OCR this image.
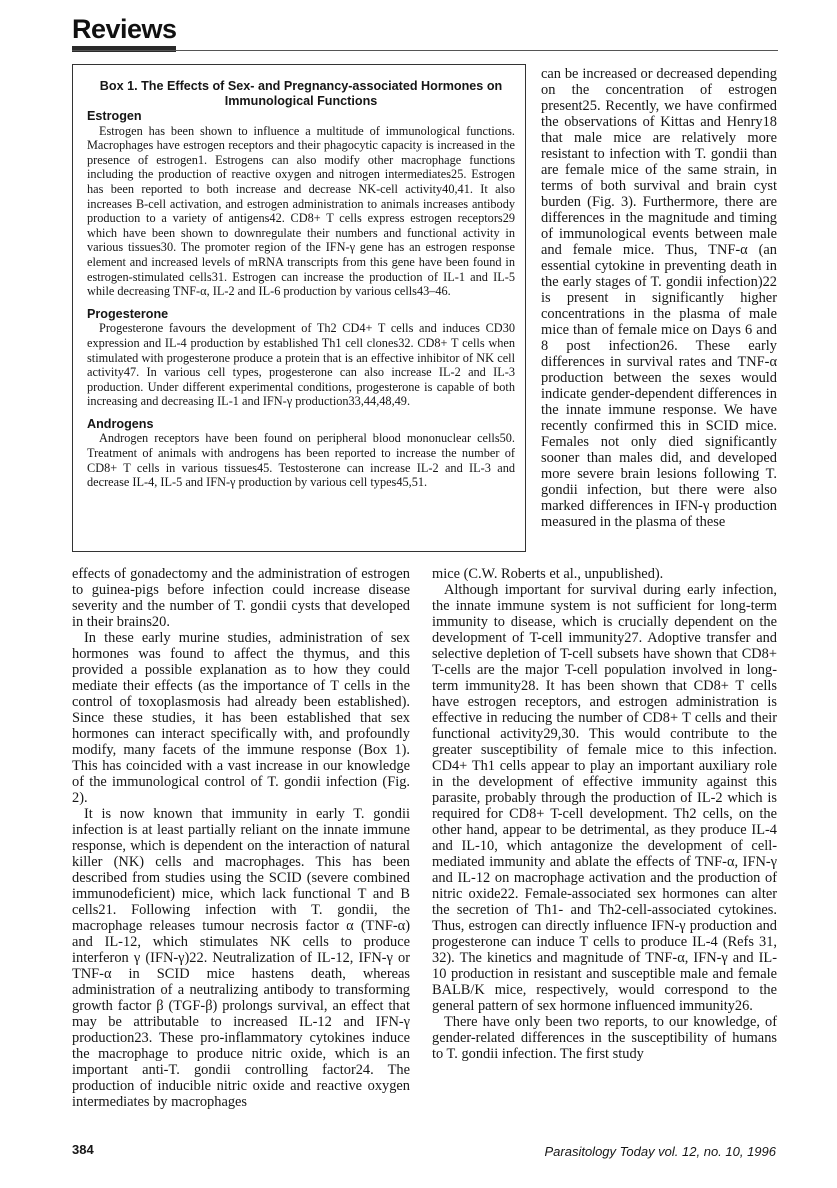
Reviews
Box 1. The Effects of Sex- and Pregnancy-associated Hormones on Immunological Functions
Estrogen

Estrogen has been shown to influence a multitude of immunological functions. Macrophages have estrogen receptors and their phagocytic capacity is increased in the presence of estrogen1. Estrogens can also modify other macrophage functions including the production of reactive oxygen and nitrogen intermediates25. Estrogen has been reported to both increase and decrease NK-cell activity40,41. It also increases B-cell activation, and estrogen administration to animals increases antibody production to a variety of antigens42. CD8+ T cells express estrogen receptors29 which have been shown to downregulate their numbers and functional activity in various tissues30. The promoter region of the IFN-γ gene has an estrogen response element and increased levels of mRNA transcripts from this gene have been found in estrogen-stimulated cells31. Estrogen can increase the production of IL-1 and IL-5 while decreasing TNF-α, IL-2 and IL-6 production by various cells43–46.

Progesterone

Progesterone favours the development of Th2 CD4+ T cells and induces CD30 expression and IL-4 production by established Th1 cell clones32. CD8+ T cells when stimulated with progesterone produce a protein that is an effective inhibitor of NK cell activity47. In various cell types, progesterone can also increase IL-2 and IL-3 production. Under different experimental conditions, progesterone is capable of both increasing and decreasing IL-1 and IFN-γ production33,44,48,49.

Androgens

Androgen receptors have been found on peripheral blood mononuclear cells50. Treatment of animals with androgens has been reported to increase the number of CD8+ T cells in various tissues45. Testosterone can increase IL-2 and IL-3 and decrease IL-4, IL-5 and IFN-γ production by various cell types45,51.

can be increased or decreased depending on the concentration of estrogen present25. Recently, we have confirmed the observations of Kittas and Henry18 that male mice are relatively more resistant to infection with T. gondii than are female mice of the same strain, in terms of both survival and brain cyst burden (Fig. 3). Furthermore, there are differences in the magnitude and timing of immunological events between male and female mice. Thus, TNF-α (an essential cytokine in preventing death in the early stages of T. gondii infection)22 is present in significantly higher concentrations in the plasma of male mice than of female mice on Days 6 and 8 post infection26. These early differences in survival rates and TNF-α production between the sexes would indicate gender-dependent differences in the innate immune response. We have recently confirmed this in SCID mice. Females not only died significantly sooner than males did, and developed more severe brain lesions following T. gondii infection, but there were also marked differences in IFN-γ production measured in the plasma of these

effects of gonadectomy and the administration of estrogen to guinea-pigs before infection could increase disease severity and the number of T. gondii cysts that developed in their brains20.

In these early murine studies, administration of sex hormones was found to affect the thymus, and this provided a possible explanation as to how they could mediate their effects (as the importance of T cells in the control of toxoplasmosis had already been established). Since these studies, it has been established that sex hormones can interact specifically with, and profoundly modify, many facets of the immune response (Box 1). This has coincided with a vast increase in our knowledge of the immunological control of T. gondii infection (Fig. 2).

It is now known that immunity in early T. gondii infection is at least partially reliant on the innate immune response, which is dependent on the interaction of natural killer (NK) cells and macrophages. This has been described from studies using the SCID (severe combined immunodeficient) mice, which lack functional T and B cells21. Following infection with T. gondii, the macrophage releases tumour necrosis factor α (TNF-α) and IL-12, which stimulates NK cells to produce interferon γ (IFN-γ)22. Neutralization of IL-12, IFN-γ or TNF-α in SCID mice hastens death, whereas administration of a neutralizing antibody to transforming growth factor β (TGF-β) prolongs survival, an effect that may be attributable to increased IL-12 and IFN-γ production23. These pro-inflammatory cytokines induce the macrophage to produce nitric oxide, which is an important anti-T. gondii controlling factor24. The production of inducible nitric oxide and reactive oxygen intermediates by macrophages

mice (C.W. Roberts et al., unpublished).

Although important for survival during early infection, the innate immune system is not sufficient for long-term immunity to disease, which is crucially dependent on the development of T-cell immunity27. Adoptive transfer and selective depletion of T-cell subsets have shown that CD8+ T-cells are the major T-cell population involved in long-term immunity28. It has been shown that CD8+ T cells have estrogen receptors, and estrogen administration is effective in reducing the number of CD8+ T cells and their functional activity29,30. This would contribute to the greater susceptibility of female mice to this infection. CD4+ Th1 cells appear to play an important auxiliary role in the development of effective immunity against this parasite, probably through the production of IL-2 which is required for CD8+ T-cell development. Th2 cells, on the other hand, appear to be detrimental, as they produce IL-4 and IL-10, which antagonize the development of cell-mediated immunity and ablate the effects of TNF-α, IFN-γ and IL-12 on macrophage activation and the production of nitric oxide22. Female-associated sex hormones can alter the secretion of Th1- and Th2-cell-associated cytokines. Thus, estrogen can directly influence IFN-γ production and progesterone can induce T cells to produce IL-4 (Refs 31, 32). The kinetics and magnitude of TNF-α, IFN-γ and IL-10 production in resistant and susceptible male and female BALB/K mice, respectively, would correspond to the general pattern of sex hormone influenced immunity26.

There have only been two reports, to our knowledge, of gender-related differences in the susceptibility of humans to T. gondii infection. The first study

384	Parasitology Today vol. 12, no. 10, 1996
